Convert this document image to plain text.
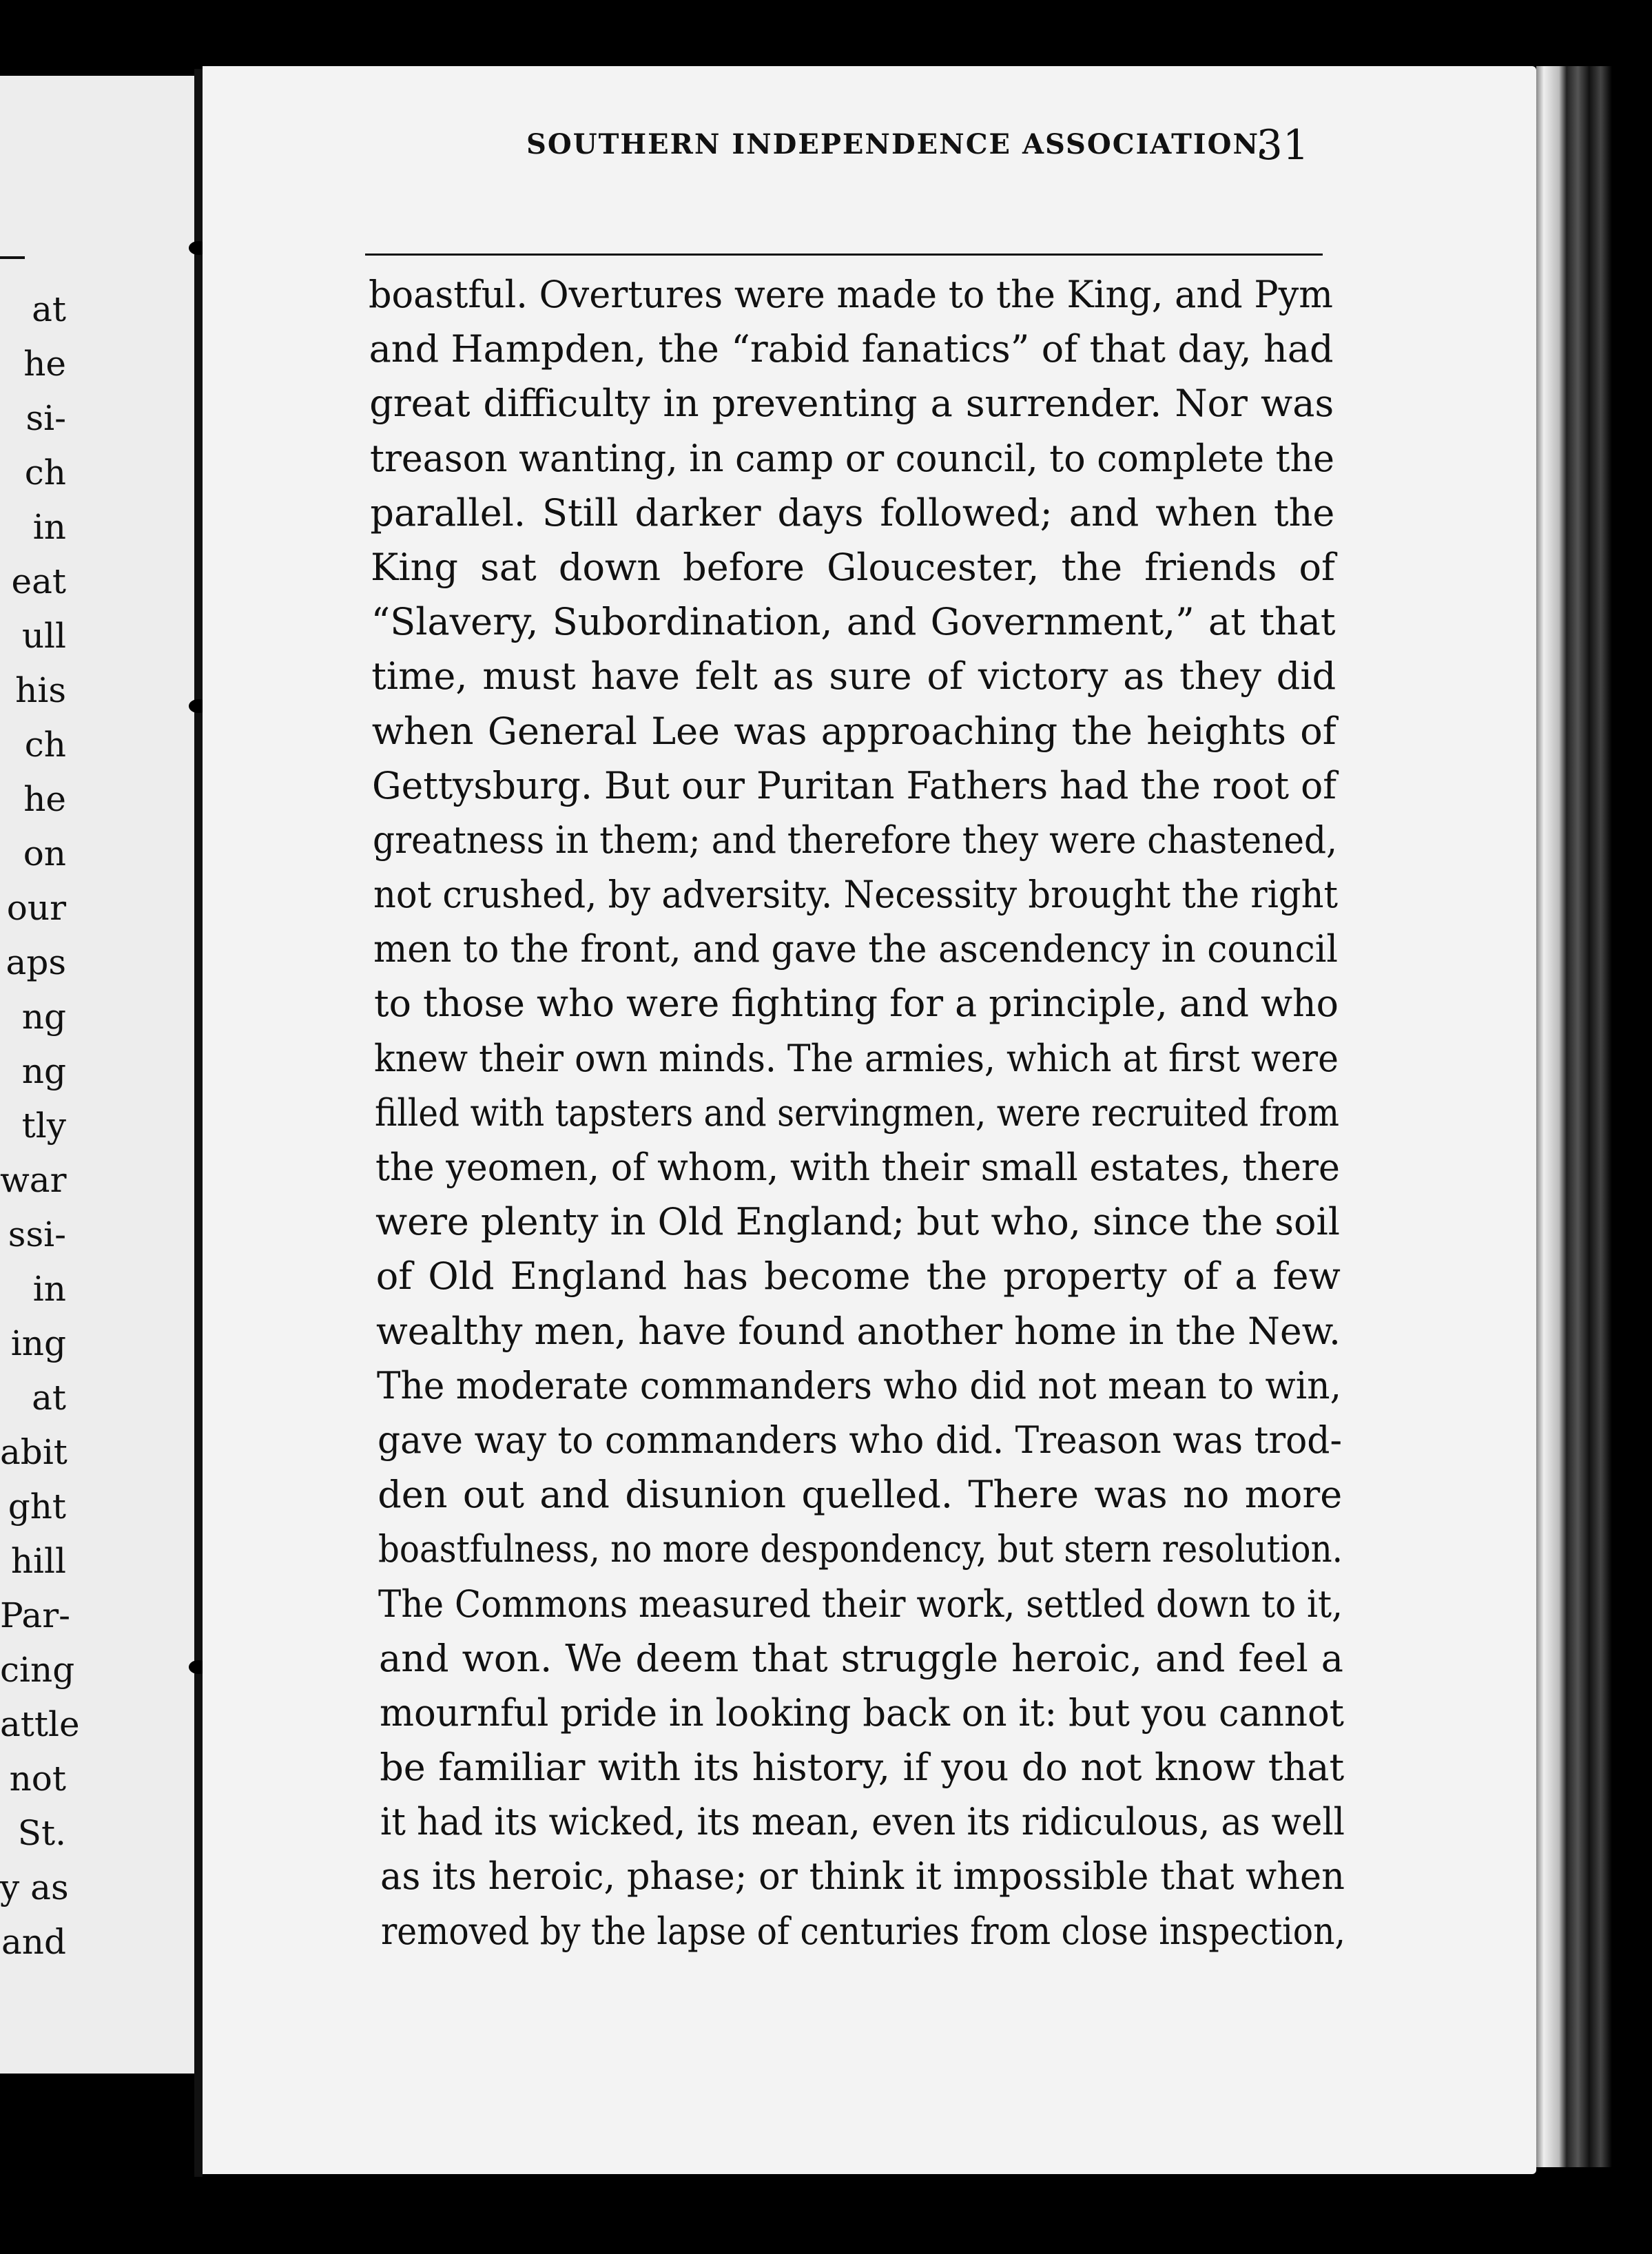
at
he
si-
ch
in
eat
ull
his
ch
he
on
our
aps
ng
ng
tly
war
ssi-
in
ing
at
abit
ght
hill
Par-
cing
attle
not
St.
y as
and
SOUTHERN INDEPENDENCE ASSOCIATION.
31
boastful. Overtures were made to the King, and Pym
and Hampden, the “rabid fanatics” of that day, had
great difficulty in preventing a surrender. Nor was
treason wanting, in camp or council, to complete the
parallel. Still darker days followed; and when the
King sat down before Gloucester, the friends of
“Slavery, Subordination, and Government,” at that
time, must have felt as sure of victory as they did
when General Lee was approaching the heights of
Gettysburg. But our Puritan Fathers had the root of
greatness in them; and therefore they were chastened,
not crushed, by adversity. Necessity brought the right
men to the front, and gave the ascendency in council
to those who were fighting for a principle, and who
knew their own minds. The armies, which at first were
filled with tapsters and servingmen, were recruited from
the yeomen, of whom, with their small estates, there
were plenty in Old England; but who, since the soil
of Old England has become the property of a few
wealthy men, have found another home in the New.
The moderate commanders who did not mean to win,
gave way to commanders who did. Treason was trod-
den out and disunion quelled. There was no more
boastfulness, no more despondency, but stern resolution.
The Commons measured their work, settled down to it,
and won. We deem that struggle heroic, and feel a
mournful pride in looking back on it: but you cannot
be familiar with its history, if you do not know that
it had its wicked, its mean, even its ridiculous, as well
as its heroic, phase; or think it impossible that when
removed by the lapse of centuries from close inspection,
